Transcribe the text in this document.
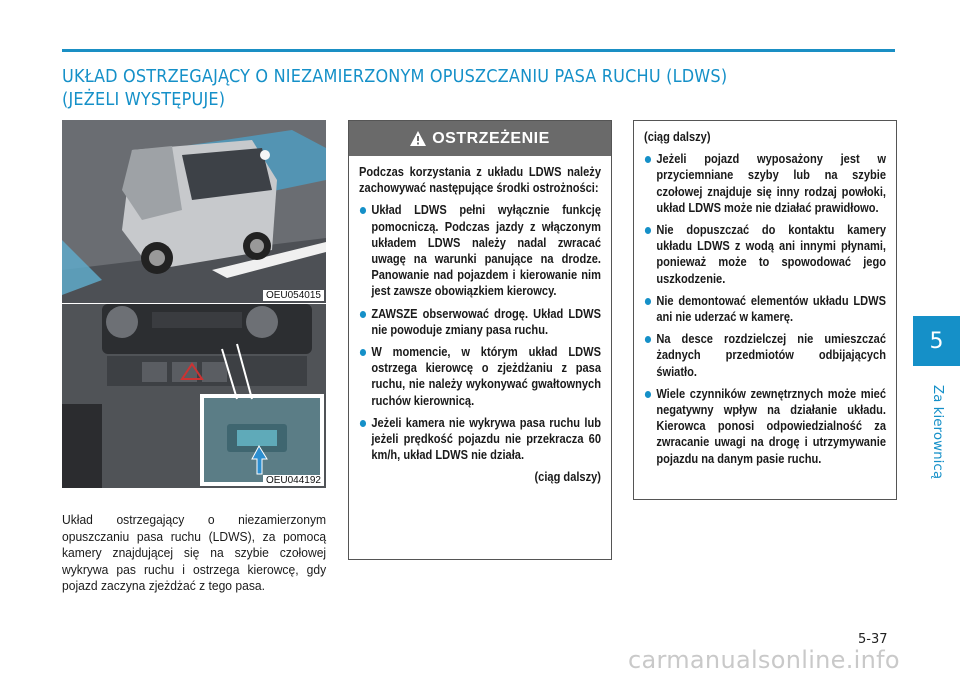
UKŁAD OSTRZEGAJĄCY O NIEZAMIERZONYM OPUSZCZANIU PASA RUCHU (LDWS)
(JEŻELI WYSTĘPUJE)
OEU054015
OEU044192
Układ ostrzegający o niezamierzonym opuszczaniu pasa ruchu (LDWS), za pomocą kamery znajdującej się na szybie czołowej wykrywa pas ruchu i ostrzega kierowcę, gdy pojazd zaczyna zjeżdżać z tego pasa.
OSTRZEŻENIE
Podczas korzystania z układu LDWS należy zachowywać następujące środki ostrożności:
Układ LDWS pełni wyłącznie funkcję pomocniczą. Podczas jazdy z włączonym układem LDWS należy nadal zwracać uwagę na warunki panujące na drodze. Panowanie nad pojazdem i kierowanie nim jest zawsze obowiązkiem kierowcy.
ZAWSZE obserwować drogę. Układ LDWS nie powoduje zmiany pasa ruchu.
W momencie, w którym układ LDWS ostrzega kierowcę o zjeżdżaniu z pasa ruchu, nie należy wykonywać gwałtownych ruchów kierownicą.
Jeżeli kamera nie wykrywa pasa ruchu lub jeżeli prędkość pojazdu nie przekracza 60 km/h, układ LDWS nie działa.
(ciąg dalszy)
(ciąg dalszy)
Jeżeli pojazd wyposażony jest w przyciemniane szyby lub na szybie czołowej znajduje się inny rodzaj powłoki, układ LDWS może nie działać prawidłowo.
Nie dopuszczać do kontaktu kamery układu LDWS z wodą ani innymi płynami, ponieważ może to spowodować jego uszkodzenie.
Nie demontować elementów układu LDWS ani nie uderzać w kamerę.
Na desce rozdzielczej nie umieszczać żadnych przedmiotów odbijających światło.
Wiele czynników zewnętrznych może mieć negatywny wpływ na działanie układu. Kierowca ponosi odpowiedzialność za zwracanie uwagi na drogę i utrzymywanie pojazdu na danym pasie ruchu.
5
Za kierownicą
5-37
carmanualsonline.info
